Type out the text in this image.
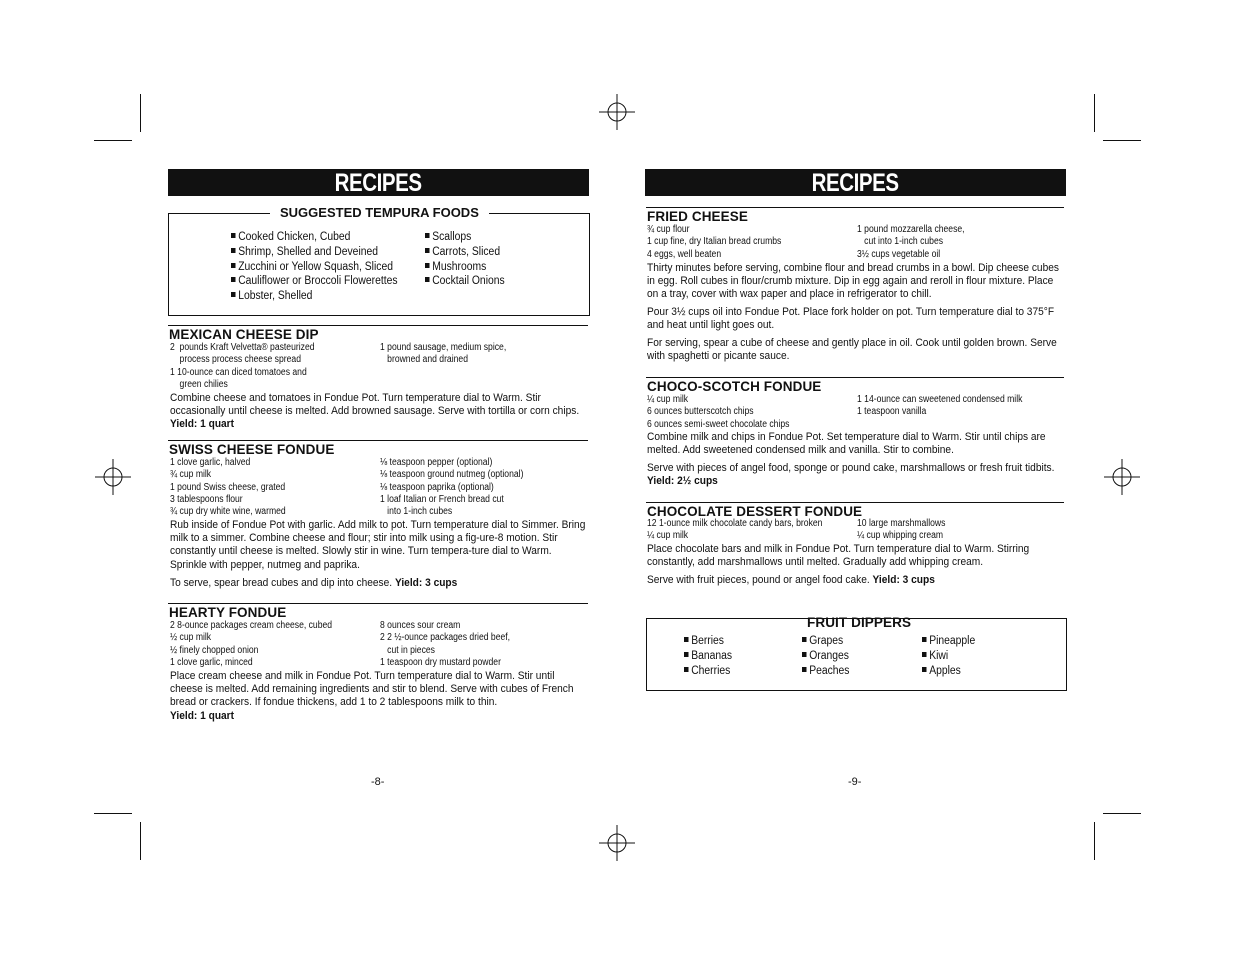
RECIPES
SUGGESTED TEMPURA FOODS
Cooked Chicken, Cubed
Shrimp, Shelled and Deveined
Zucchini or Yellow Squash, Sliced
Cauliflower or Broccoli Flowerettes
Lobster, Shelled
Scallops
Carrots, Sliced
Mushrooms
Cocktail Onions
MEXICAN CHEESE DIP
2  pounds Kraft Velvetta® pasteurized
process process cheese spread
1 10-ounce can diced tomatoes and
green chilies
1 pound sausage, medium spice,
browned and drained
Combine cheese and tomatoes in Fondue Pot. Turn temperature dial to Warm. Stir occasionally until cheese is melted. Add browned sausage. Serve with tortilla or corn chips. Yield: 1 quart
SWISS CHEESE FONDUE
1 clove garlic, halved
¾ cup milk
1 pound Swiss cheese, grated
3 tablespoons flour
¾ cup dry white wine, warmed
⅛ teaspoon pepper (optional)
⅛ teaspoon ground nutmeg (optional)
⅛ teaspoon paprika (optional)
1 loaf Italian or French bread cut
into 1-inch cubes
Rub inside of Fondue Pot with garlic. Add milk to pot. Turn temperature dial to Simmer. Bring milk to a simmer. Combine cheese and flour; stir into milk using a fig-ure-8 motion. Stir constantly until cheese is melted. Slowly stir in wine. Turn tempera-ture dial to Warm. Sprinkle with pepper, nutmeg and paprika.
To serve, spear bread cubes and dip into cheese. Yield: 3 cups
HEARTY FONDUE
2 8-ounce packages cream cheese, cubed
½ cup milk
½ finely chopped onion
1 clove garlic, minced
8 ounces sour cream
2 2 ½-ounce packages dried beef,
cut in pieces
1 teaspoon dry mustard powder
Place cream cheese and milk in Fondue Pot. Turn temperature dial to Warm. Stir until cheese is melted. Add remaining ingredients and stir to blend. Serve with cubes of French bread or crackers. If fondue thickens, add 1 to 2 tablespoons milk to thin.
Yield: 1 quart
-8-
RECIPES
FRIED CHEESE
¾ cup flour
1 cup fine, dry Italian bread crumbs
4 eggs, well beaten
1 pound mozzarella cheese,
cut into 1-inch cubes
3½ cups vegetable oil
Thirty minutes before serving, combine flour and bread crumbs in a bowl. Dip cheese cubes in egg. Roll cubes in flour/crumb mixture. Dip in egg again and reroll in flour mixture. Place on a tray, cover with wax paper and place in refrigerator to chill.
Pour 3½ cups oil into Fondue Pot. Place fork holder on pot. Turn temperature dial to 375°F and heat until light goes out.
For serving, spear a cube of cheese and gently place in oil. Cook until golden brown. Serve with spaghetti or picante sauce.
CHOCO-SCOTCH FONDUE
¼ cup milk
6 ounces butterscotch chips
6 ounces semi-sweet chocolate chips
1 14-ounce can sweetened condensed milk
1 teaspoon vanilla
Combine milk and chips in Fondue Pot. Set temperature dial to Warm. Stir until chips are melted. Add sweetened condensed milk and vanilla. Stir to combine.
Serve with pieces of angel food, sponge or pound cake, marshmallows or fresh fruit tidbits. Yield: 2½ cups
CHOCOLATE DESSERT FONDUE
12 1-ounce milk chocolate candy bars, broken
¼ cup milk
10 large marshmallows
¼ cup whipping cream
Place chocolate bars and milk in Fondue Pot. Turn temperature dial to Warm. Stirring constantly, add marshmallows until melted. Gradually add whipping cream.
Serve with fruit pieces, pound or angel food cake. Yield: 3 cups
FRUIT DIPPERS
Berries
Bananas
Cherries
Grapes
Oranges
Peaches
Pineapple
Kiwi
Apples
-9-
